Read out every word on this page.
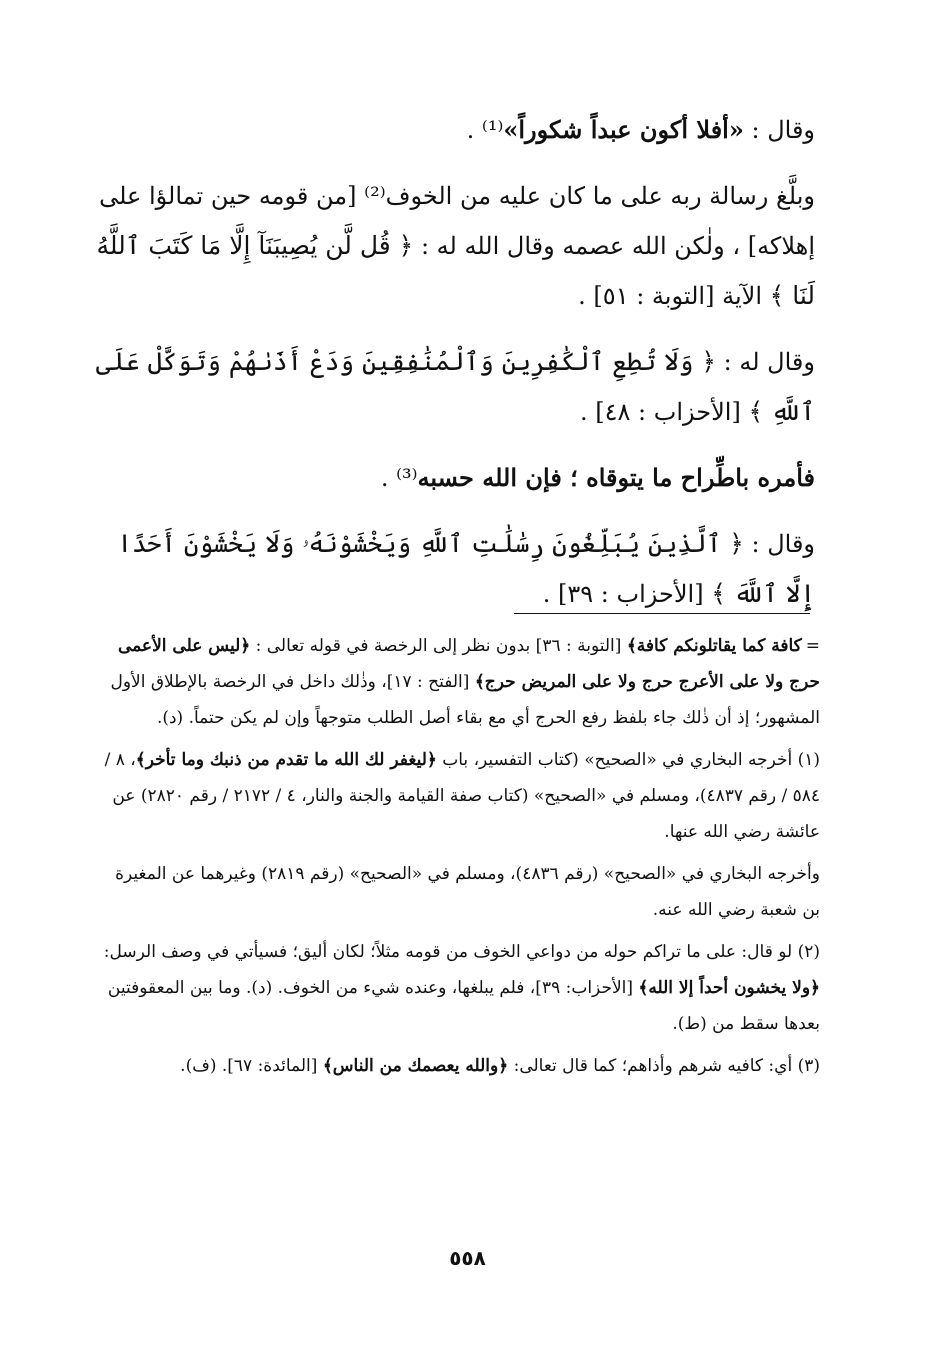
وقال : «أفلا أكون عبداً شكوراً»⁽¹⁾ .

وبلَّغ رسالة ربه على ما كان عليه من الخوف⁽²⁾ [من قومه حين تمالؤا على إهلاكه] ، ولٰكن الله عصمه وقال الله له : ﴿ قُل لَّن يُصِيبَنَآ إِلَّا مَا كَتَبَ ٱللَّهُ لَنَا ﴾ الآية [التوبة : ٥١] .

وقال له : ﴿ وَلَا تُطِعِ ٱلْكَٰفِرِينَ وَٱلْمُنَٰفِقِينَ وَدَعْ أَذَىٰهُمْ وَتَوَكَّلْ عَلَى ٱللَّهِ ﴾ [الأحزاب : ٤٨] .

فأمره باطِّراح ما يتوقاه ؛ فإن الله حسبه⁽³⁾ .

وقال : ﴿ ٱلَّذِينَ يُبَلِّغُونَ رِسَٰلَٰتِ ٱللَّهِ وَيَخْشَوْنَهُۥ وَلَا يَخْشَوْنَ أَحَدًا إِلَّا ٱللَّهَ ﴾ [الأحزاب : ٣٩] .

=كافة كما يقاتلونكم كافة﴾ [التوبة : ٣٦] بدون نظر إلى الرخصة في قوله تعالى : ﴿ليس على الأعمى حرج ولا على الأعرج حرج ولا على المريض حرج﴾ [الفتح : ١٧]، وذٰلك داخل في الرخصة بالإطلاق الأول المشهور؛ إذ أن ذٰلك جاء بلفظ رفع الحرج أي مع بقاء أصل الطلب متوجهاً وإن لم يكن حتماً. (د).

(١) أخرجه البخاري في «الصحيح» (كتاب التفسير، باب ﴿ليغفر لك الله ما تقدم من ذنبك وما تأخر﴾، ٨ / ٥٨٤ / رقم ٤٨٣٧)، ومسلم في «الصحيح» (كتاب صفة القيامة والجنة والنار، ٤ / ٢١٧٢ / رقم ٢٨٢٠) عن عائشة رضي الله عنها.

وأخرجه البخاري في «الصحيح» (رقم ٤٨٣٦)، ومسلم في «الصحيح» (رقم ٢٨١٩) وغيرهما عن المغيرة بن شعبة رضي الله عنه.

(٢) لو قال: على ما تراكم حوله من دواعي الخوف من قومه مثلاً؛ لكان أليق؛ فسيأتي في وصف الرسل: ﴿ولا يخشون أحداً إلا الله﴾ [الأحزاب: ٣٩]، فلم يبلغها، وعنده شيء من الخوف. (د). وما بين المعقوفتين بعدها سقط من (ط).

(٣) أي: كافيه شرهم وأذاهم؛ كما قال تعالى: ﴿والله يعصمك من الناس﴾ [المائدة: ٦٧]. (ف).

٥٥٨
